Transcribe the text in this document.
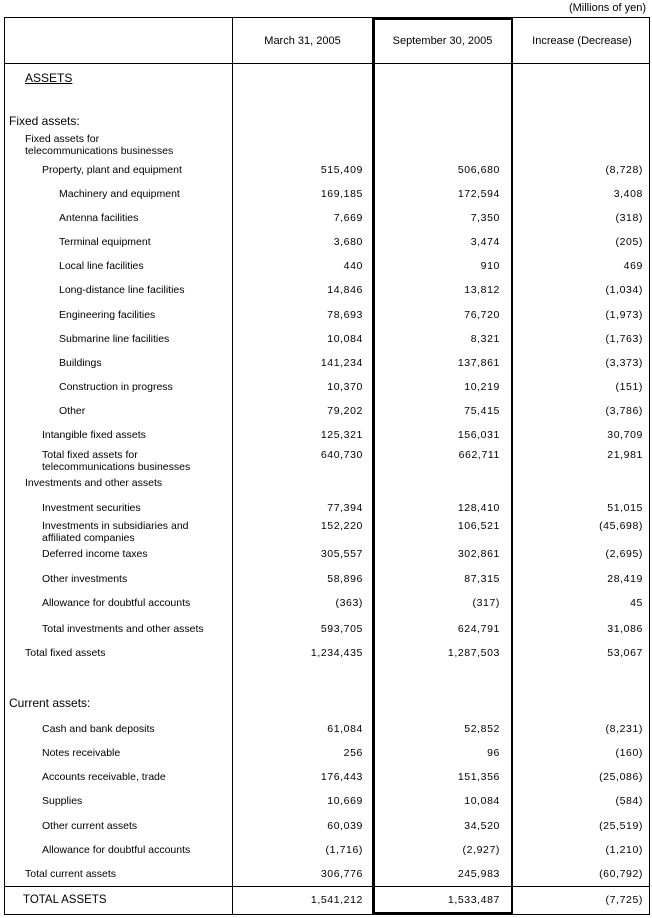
(Millions of yen)
March 31, 2005	September 30, 2005	Increase (Decrease)
ASSETS
Fixed assets:
Fixed assets for
telecommunications businesses
Property, plant and equipment	515,409	506,680	(8,728)
Machinery and equipment	169,185	172,594	3,408
Antenna facilities	7,669	7,350	(318)
Terminal equipment	3,680	3,474	(205)
Local line facilities	440	910	469
Long-distance line facilities	14,846	13,812	(1,034)
Engineering facilities	78,693	76,720	(1,973)
Submarine line facilities	10,084	8,321	(1,763)
Buildings	141,234	137,861	(3,373)
Construction in progress	10,370	10,219	(151)
Other	79,202	75,415	(3,786)
Intangible fixed assets	125,321	156,031	30,709
Total fixed assets for
telecommunications businesses
640,730	662,711	21,981
Investments and other assets
Investment securities	77,394	128,410	51,015
Investments in subsidiaries and
affiliated companies
152,220	106,521	(45,698)
Deferred income taxes	305,557	302,861	(2,695)
Other investments	58,896	87,315	28,419
Allowance for doubtful accounts	(363)	(317)	45
Total investments and other assets	593,705	624,791	31,086
Total fixed assets	1,234,435	1,287,503	53,067
Current assets:
Cash and bank deposits	61,084	52,852	(8,231)
Notes receivable	256	96	(160)
Accounts receivable, trade	176,443	151,356	(25,086)
Supplies	10,669	10,084	(584)
Other current assets	60,039	34,520	(25,519)
Allowance for doubtful accounts	(1,716)	(2,927)	(1,210)
Total current assets	306,776	245,983	(60,792)
TOTAL ASSETS	1,541,212	1,533,487	(7,725)
